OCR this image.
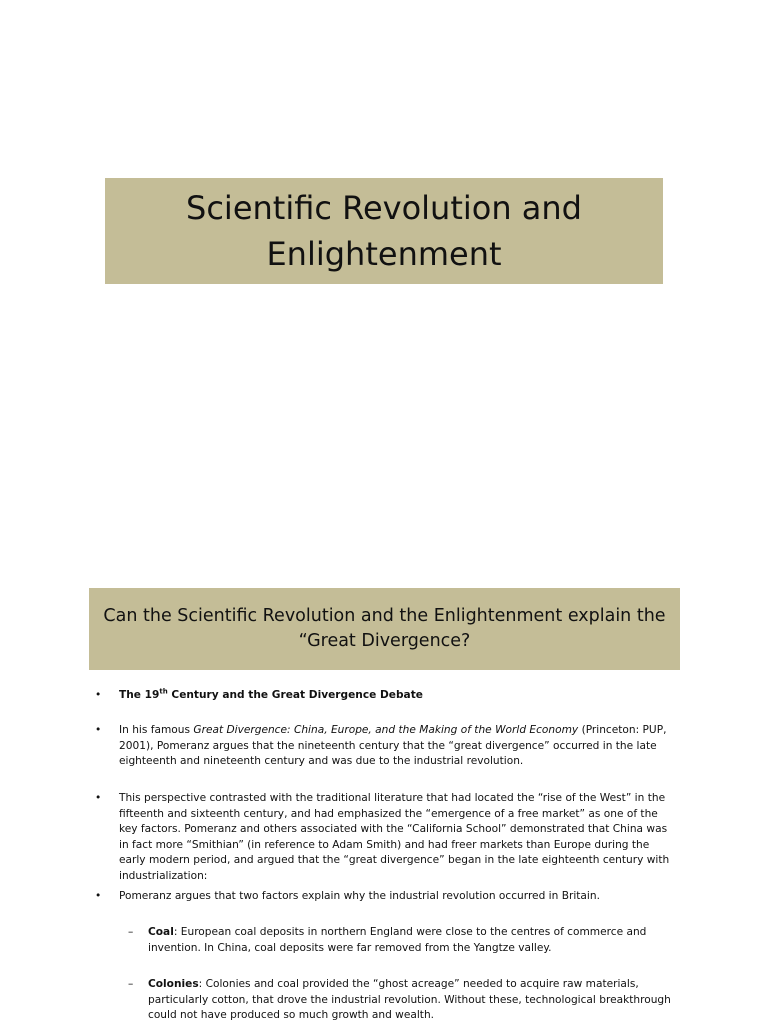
Scientific Revolution and
Enlightenment
Can the Scientific Revolution and the Enlightenment explain the
“Great Divergence?
•	The 19th Century and the Great Divergence Debate
•	In his famous Great Divergence: China, Europe, and the Making of the World Economy (Princeton: PUP, 2001), Pomeranz argues that the nineteenth century that the “great divergence” occurred in the late eighteenth and nineteenth century and was due to the industrial revolution.
•	This perspective contrasted with the traditional literature that had located the “rise of the West” in the fifteenth and sixteenth century, and had emphasized the “emergence of a free market” as one of the key factors. Pomeranz and others associated with the “California School” demonstrated that China was in fact more “Smithian” (in reference to Adam Smith) and had freer markets than Europe during the early modern period, and argued that the “great divergence” began in the late eighteenth century with industrialization:
•	Pomeranz argues that two factors explain why the industrial revolution occurred in Britain.
– Coal: European coal deposits in northern England were close to the centres of commerce and invention. In China, coal deposits were far removed from the Yangtze valley.
– Colonies: Colonies and coal provided the “ghost acreage” needed to acquire raw materials, particularly cotton, that drove the industrial revolution. Without these, technological breakthrough could not have produced so much growth and wealth.
